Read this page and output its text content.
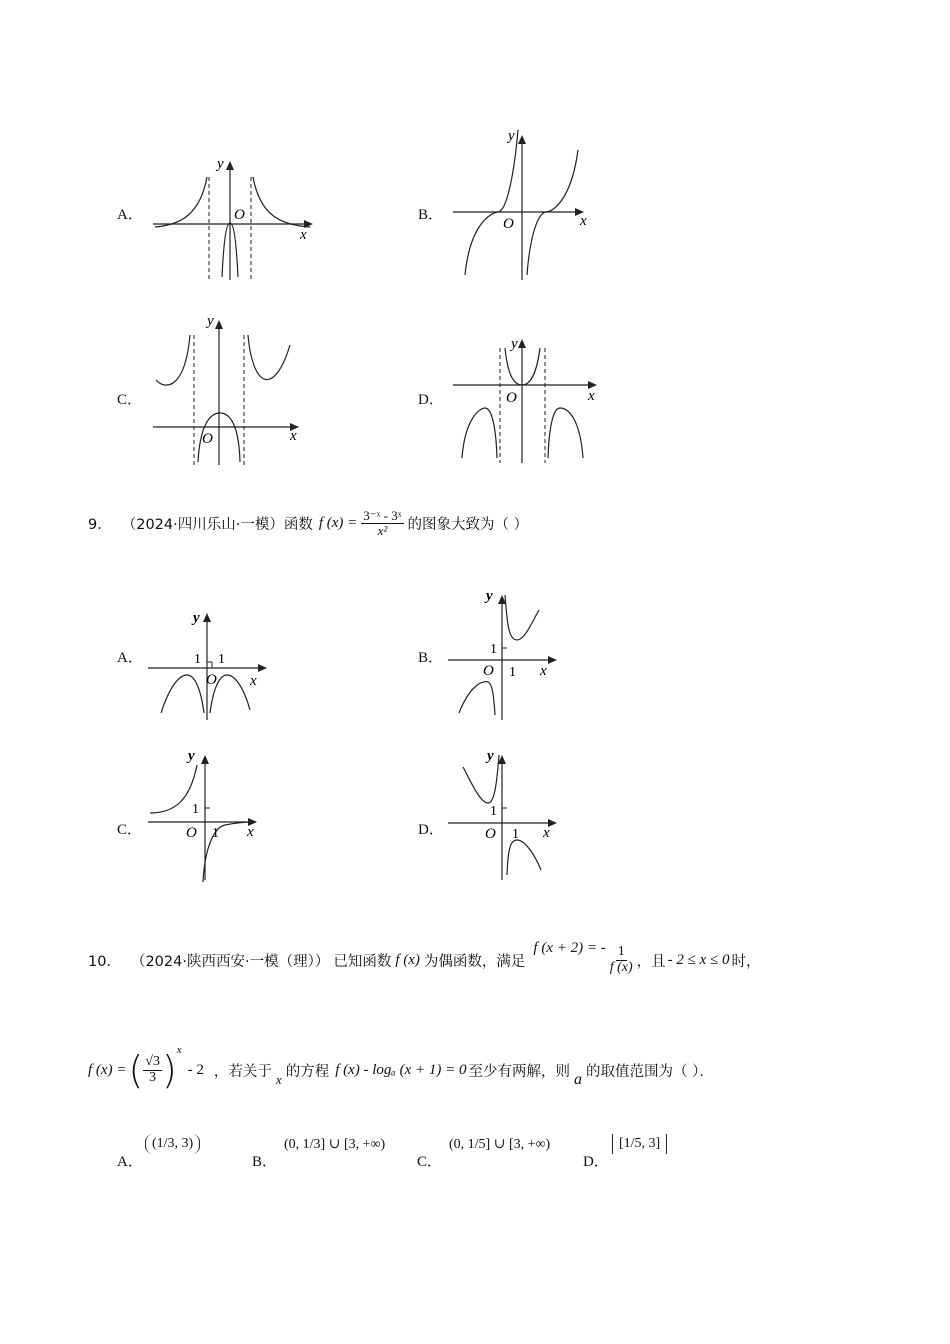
A．
y
O
x
B．
y
O	x
C．
y
O	x
D．
y
O	x
9． （2024·四川乐山·一模） 函数 f $(x) = \frac{\text{3⁻ˣ - 3ˣ}}{\text{x²}}$ 的图象大致为（ ）
A．
y
1 1
O x
B．
y
1
O 1 x
C．
y
1
O 1 x	D．
y
1
O 1 x
10． （2024·陕西西安·一模（理）） 已知函数 f (x) 为偶函数，满足
f (x + 2) = - $\frac{1}{f (x)}$ ，且 - 2 ≤ x ≤ 0 时，
f (x) = ( $\frac{√3}{3}$ ) x
- 2 ，若关于 x 的方程 f (x) - logₐ (x + 1) = 0 至少有两解，则 a 的取值范围为（ ）．
A．
(1/3, 3)
B．
(0, 1/3] ∪ [3, +∞)
C．
(0, 1/5] ∪ [3, +∞)
D．
[1/5, 3]
